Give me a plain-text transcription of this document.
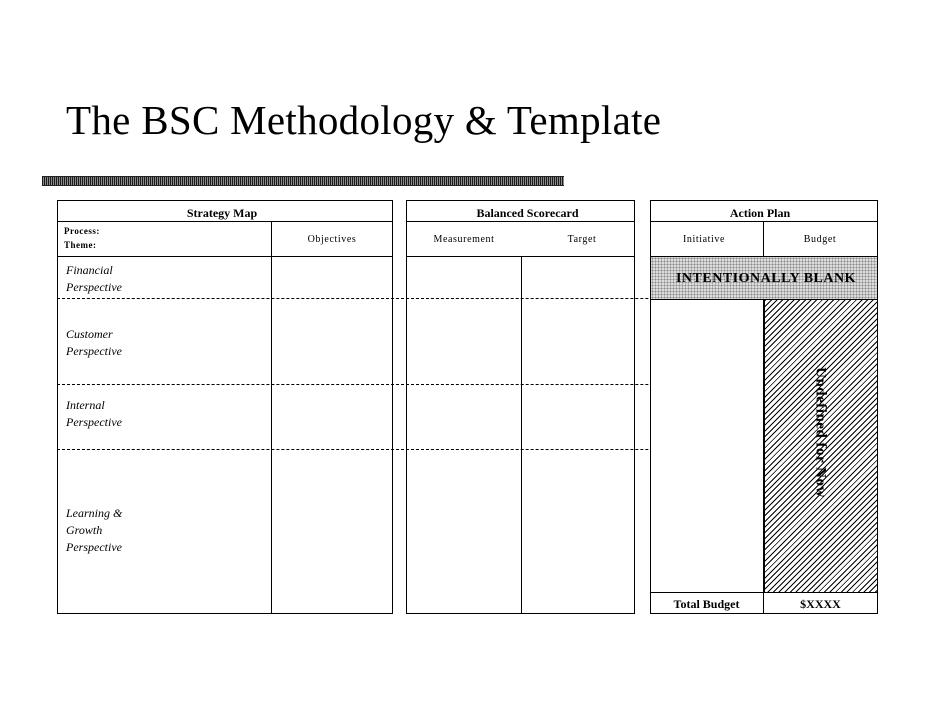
The BSC Methodology & Template
Strategy Map
Process:
Theme:	Objectives
Financial
Perspective
Customer
Perspective
Internal
Perspective
Learning &
Growth
Perspective
Balanced Scorecard
Measurement	Target
Action Plan
Initiative	Budget
INTENTIONALLY BLANK
Undefined for Now
Total Budget	$XXXX
